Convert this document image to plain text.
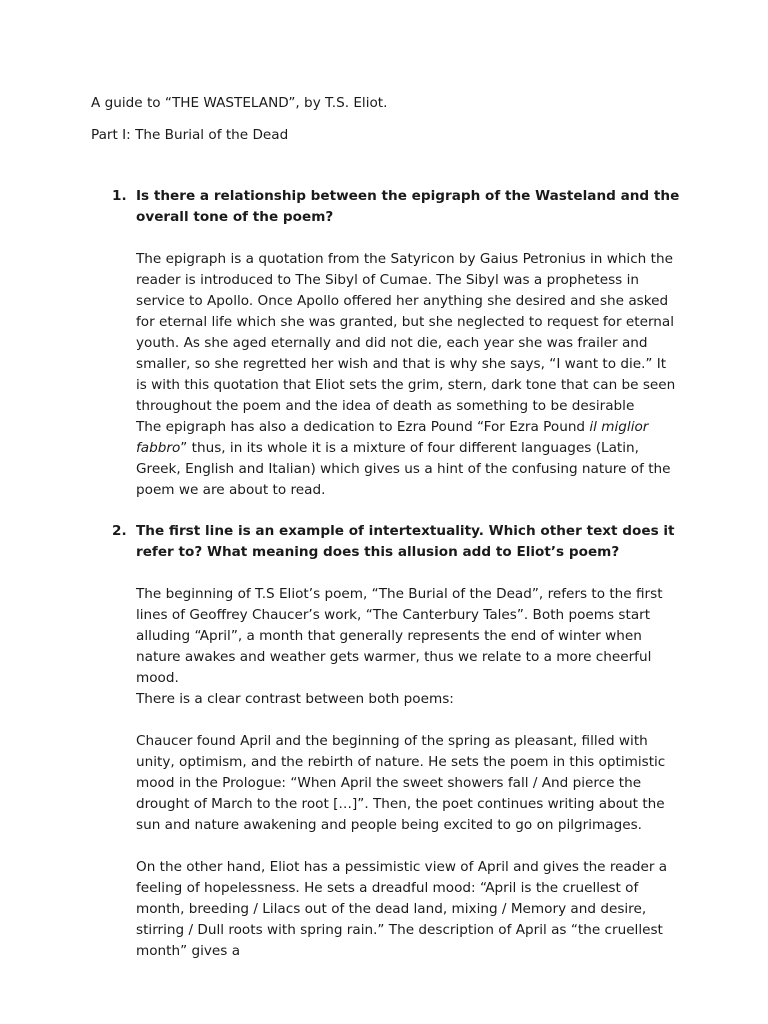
A guide to “THE WASTELAND”, by T.S. Eliot.

Part I: The Burial of the Dead

1. Is there a relationship between the epigraph of the Wasteland and the overall tone of the poem?

The epigraph is a quotation from the Satyricon by Gaius Petronius in which the reader is introduced to The Sibyl of Cumae. The Sibyl was a prophetess in service to Apollo. Once Apollo offered her anything she desired and she asked for eternal life which she was granted, but she neglected to request for eternal youth. As she aged eternally and did not die, each year she was frailer and smaller, so she regretted her wish and that is why she says, “I want to die.” It is with this quotation that Eliot sets the grim, stern, dark tone that can be seen throughout the poem and the idea of death as something to be desirable

The epigraph has also a dedication to Ezra Pound “For Ezra Pound il miglior fabbro” thus, in its whole it is a mixture of four different languages (Latin, Greek, English and Italian) which gives us a hint of the confusing nature of the poem we are about to read.

2. The first line is an example of intertextuality. Which other text does it refer to? What meaning does this allusion add to Eliot’s poem?

The beginning of T.S Eliot’s poem, “The Burial of the Dead”, refers to the first lines of Geoffrey Chaucer’s work, “The Canterbury Tales”. Both poems start alluding “April”, a month that generally represents the end of winter when nature awakes and weather gets warmer, thus we relate to a more cheerful mood.

There is a clear contrast between both poems:

Chaucer found April and the beginning of the spring as pleasant, filled with unity, optimism, and the rebirth of nature. He sets the poem in this optimistic mood in the Prologue: “When April the sweet showers fall / And pierce the drought of March to the root […]”. Then, the poet continues writing about the sun and nature awakening and people being excited to go on pilgrimages.

On the other hand, Eliot has a pessimistic view of April and gives the reader a feeling of hopelessness. He sets a dreadful mood: “April is the cruellest of month, breeding / Lilacs out of the dead land, mixing / Memory and desire, stirring / Dull roots with spring rain.” The description of April as “the cruellest month” gives a
